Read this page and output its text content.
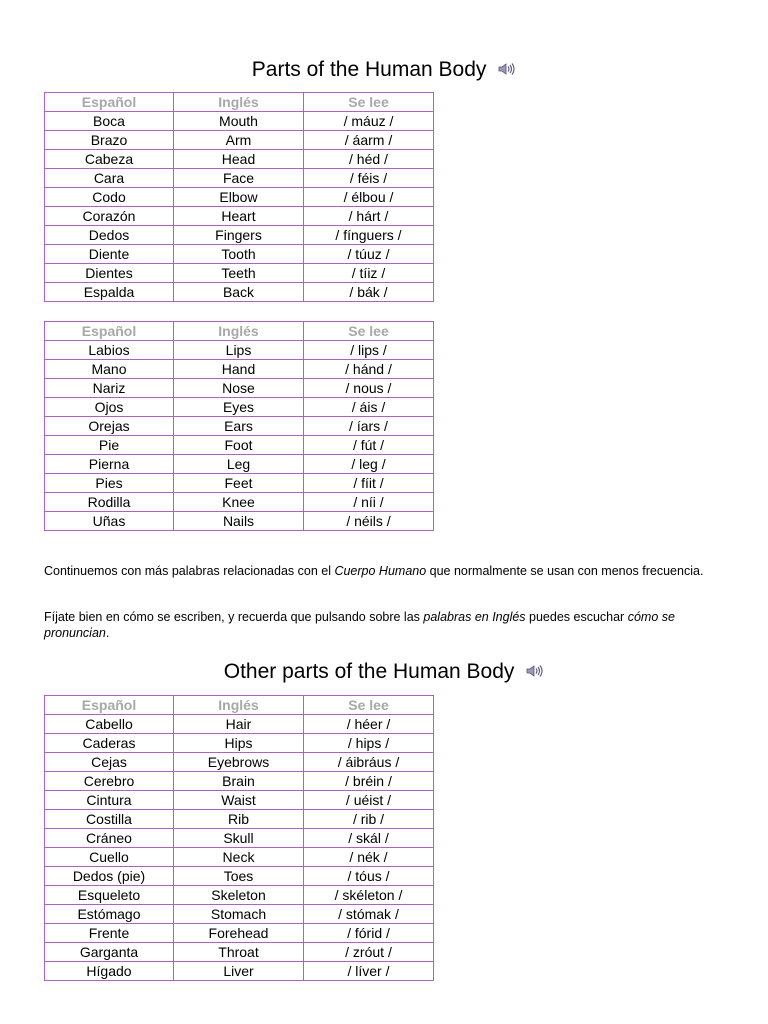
Parts of the Human Body
Español	Inglés	Se lee
Boca	Mouth	/ máuz /
Brazo	Arm	/ áarm /
Cabeza	Head	/ héd /
Cara	Face	/ féis /
Codo	Elbow	/ élbou /
Corazón	Heart	/ hárt /
Dedos	Fingers	/ fínguers /
Diente	Tooth	/ túuz /
Dientes	Teeth	/ tíiz /
Espalda	Back	/ bák /
Español	Inglés	Se lee
Labios	Lips	/ lips /
Mano	Hand	/ hánd /
Nariz	Nose	/ nous /
Ojos	Eyes	/ áis /
Orejas	Ears	/ íars /
Pie	Foot	/ fút /
Pierna	Leg	/ leg /
Pies	Feet	/ fíit /
Rodilla	Knee	/ níi /
Uñas	Nails	/ néils /

Continuemos con más palabras relacionadas con el Cuerpo Humano que normalmente se usan con menos frecuencia.

Fíjate bien en cómo se escriben, y recuerda que pulsando sobre las palabras en Inglés puedes escuchar cómo se pronuncian.

Other parts of the Human Body
Español	Inglés	Se lee
Cabello	Hair	/ héer /
Caderas	Hips	/ hips /
Cejas	Eyebrows	/ áibráus /
Cerebro	Brain	/ bréin /
Cintura	Waist	/ uéist /
Costilla	Rib	/ rib /
Cráneo	Skull	/ skál /
Cuello	Neck	/ nék /
Dedos (pie)	Toes	/ tóus /
Esqueleto	Skeleton	/ skéleton /
Estómago	Stomach	/ stómak /
Frente	Forehead	/ fórid /
Garganta	Throat	/ zróut /
Hígado	Liver	/ líver /
